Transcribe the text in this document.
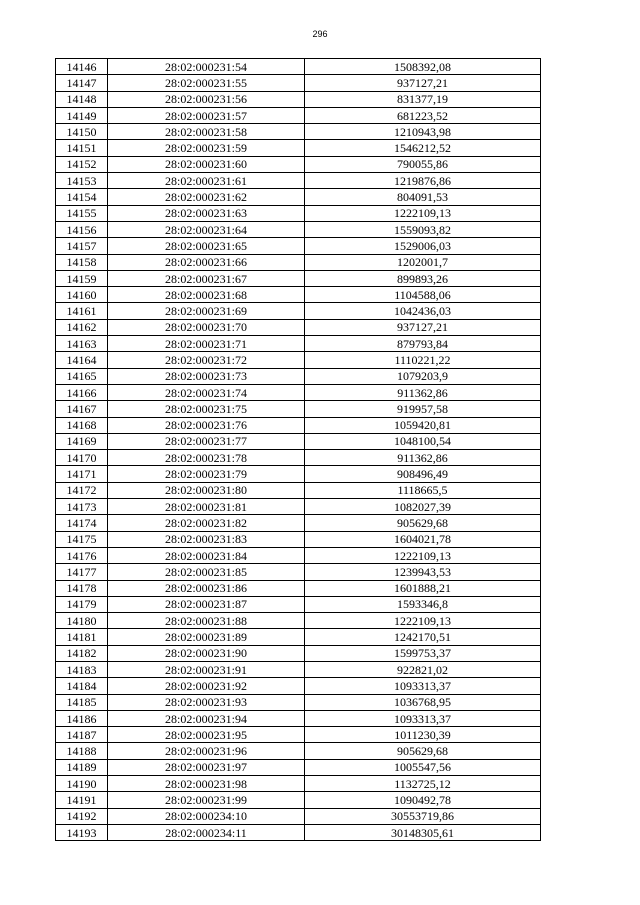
296
14146	28:02:000231:54	1508392,08
14147	28:02:000231:55	937127,21
14148	28:02:000231:56	831377,19
14149	28:02:000231:57	681223,52
14150	28:02:000231:58	1210943,98
14151	28:02:000231:59	1546212,52
14152	28:02:000231:60	790055,86
14153	28:02:000231:61	1219876,86
14154	28:02:000231:62	804091,53
14155	28:02:000231:63	1222109,13
14156	28:02:000231:64	1559093,82
14157	28:02:000231:65	1529006,03
14158	28:02:000231:66	1202001,7
14159	28:02:000231:67	899893,26
14160	28:02:000231:68	1104588,06
14161	28:02:000231:69	1042436,03
14162	28:02:000231:70	937127,21
14163	28:02:000231:71	879793,84
14164	28:02:000231:72	1110221,22
14165	28:02:000231:73	1079203,9
14166	28:02:000231:74	911362,86
14167	28:02:000231:75	919957,58
14168	28:02:000231:76	1059420,81
14169	28:02:000231:77	1048100,54
14170	28:02:000231:78	911362,86
14171	28:02:000231:79	908496,49
14172	28:02:000231:80	1118665,5
14173	28:02:000231:81	1082027,39
14174	28:02:000231:82	905629,68
14175	28:02:000231:83	1604021,78
14176	28:02:000231:84	1222109,13
14177	28:02:000231:85	1239943,53
14178	28:02:000231:86	1601888,21
14179	28:02:000231:87	1593346,8
14180	28:02:000231:88	1222109,13
14181	28:02:000231:89	1242170,51
14182	28:02:000231:90	1599753,37
14183	28:02:000231:91	922821,02
14184	28:02:000231:92	1093313,37
14185	28:02:000231:93	1036768,95
14186	28:02:000231:94	1093313,37
14187	28:02:000231:95	1011230,39
14188	28:02:000231:96	905629,68
14189	28:02:000231:97	1005547,56
14190	28:02:000231:98	1132725,12
14191	28:02:000231:99	1090492,78
14192	28:02:000234:10	30553719,86
14193	28:02:000234:11	30148305,61
